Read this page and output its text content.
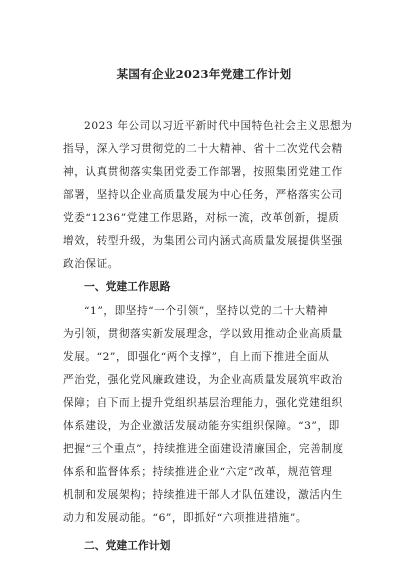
某国有企业2023年党建工作计划
2023 年公司以习近平新时代中国特色社会主义思想为
指导，深入学习贯彻党的二十大精神、省十二次党代会精
神，认真贯彻落实集团党委工作部署，按照集团党建工作
部署，坚持以企业高质量发展为中心任务，严格落实公司
党委“1236”党建工作思路，对标一流，改革创新，提质
增效，转型升级，为集团公司内涵式高质量发展提供坚强
政治保证。
一、党建工作思路
“1”，即坚持“一个引领”，坚持以党的二十大精神
为引领，贯彻落实新发展理念，学以致用推动企业高质量
发展。“2”，即强化“两个支撑”，自上而下推进全面从
严治党，强化党风廉政建设，为企业高质量发展筑牢政治
保障；自下而上提升党组织基层治理能力，强化党建组织
体系建设，为企业激活发展动能夯实组织保障。“3”，即
把握“三个重点”，持续推进全面建设清廉国企，完善制度
体系和监督体系；持续推进企业“六定”改革，规范管理
机制和发展架构；持续推进干部人才队伍建设，激活内生
动力和发展动能。“6”，即抓好“六项推进措施”。
二、党建工作计划
